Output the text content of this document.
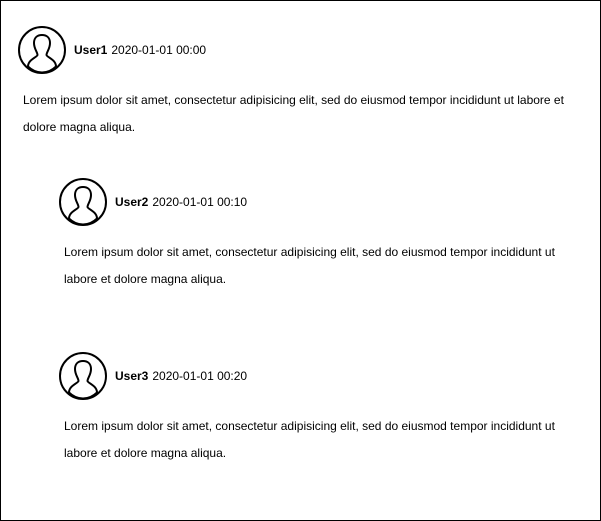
User1 2020-01-01 00:00
Lorem ipsum dolor sit amet, consectetur adipisicing elit, sed do eiusmod tempor incididunt ut labore et dolore magna aliqua.
User2 2020-01-01 00:10
Lorem ipsum dolor sit amet, consectetur adipisicing elit, sed do eiusmod tempor incididunt ut labore et dolore magna aliqua.
User3 2020-01-01 00:20
Lorem ipsum dolor sit amet, consectetur adipisicing elit, sed do eiusmod tempor incididunt ut labore et dolore magna aliqua.
